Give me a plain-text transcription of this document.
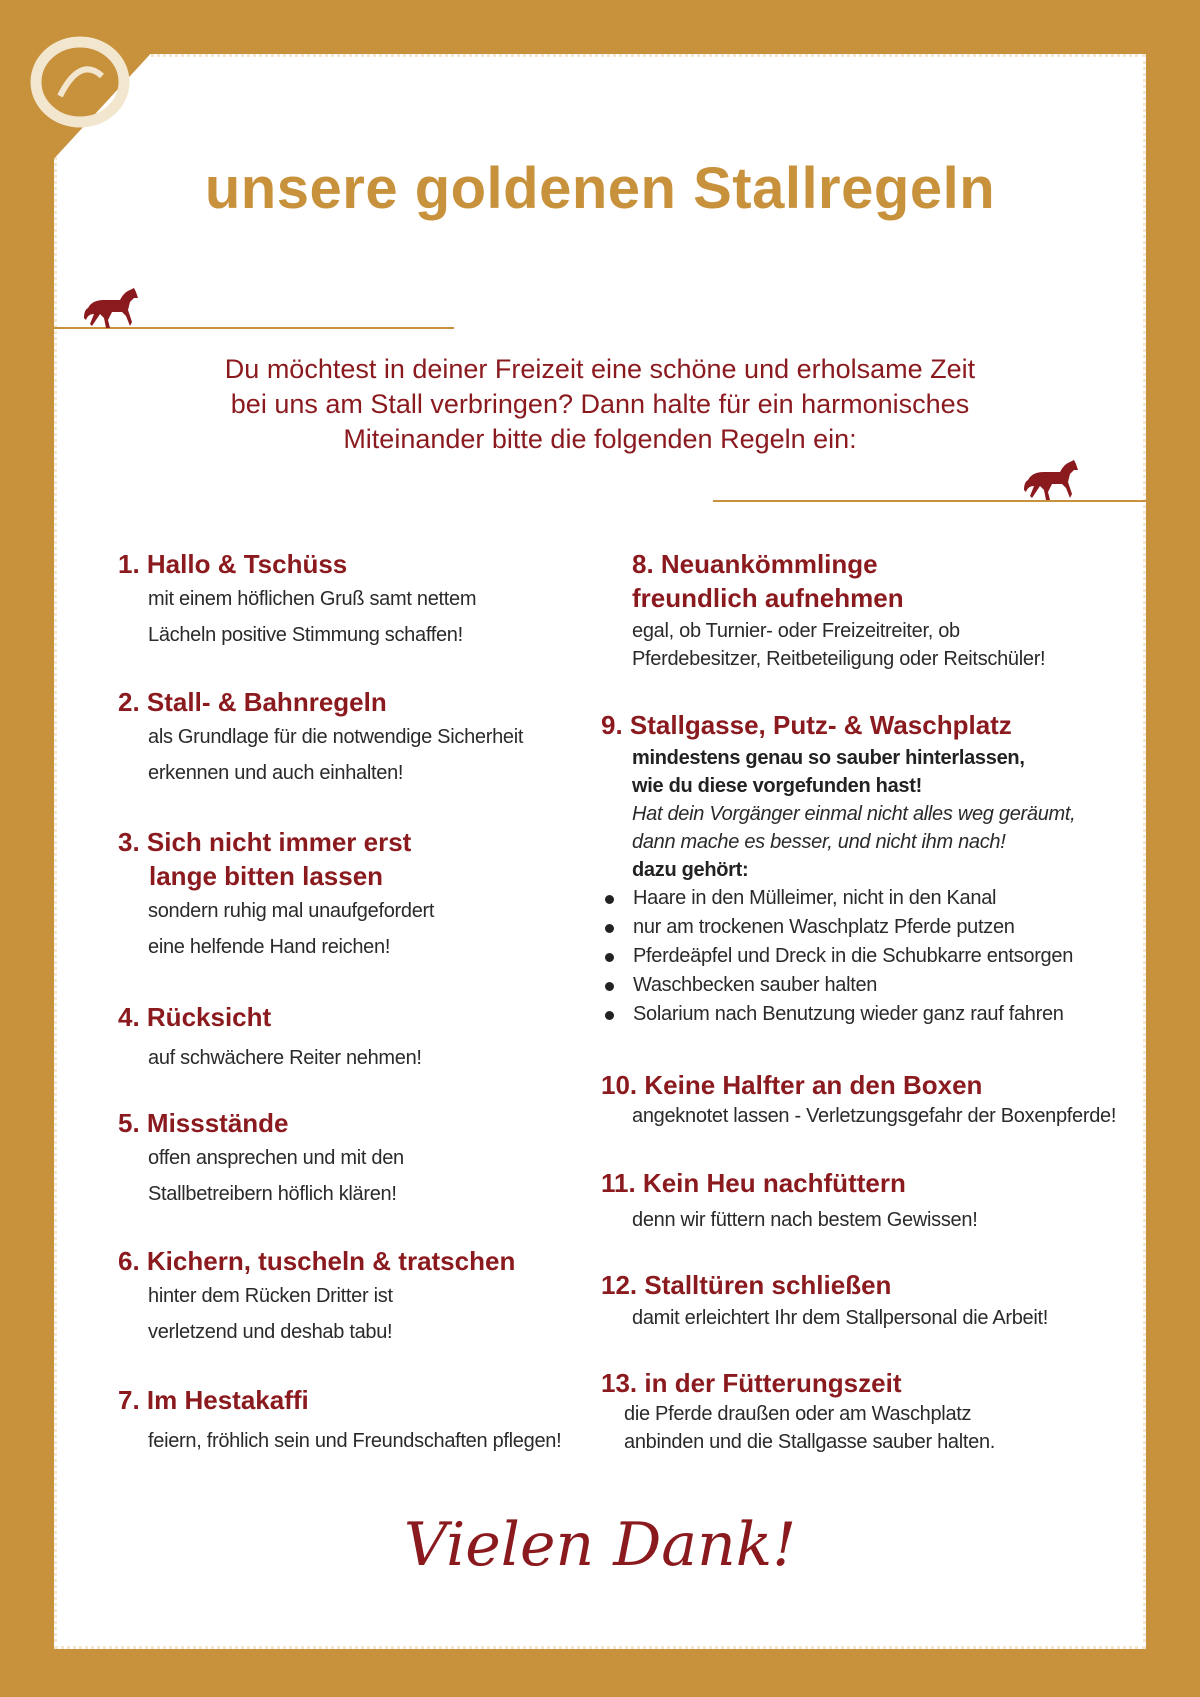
unsere goldenen Stallregeln
Du möchtest in deiner Freizeit eine schöne und erholsame Zeit
bei uns am Stall verbringen? Dann halte für ein harmonisches
Miteinander bitte die folgenden Regeln ein:
1. Hallo & Tschüss
mit einem höflichen Gruß samt nettem
Lächeln positive Stimmung schaffen!
2. Stall- & Bahnregeln
als Grundlage für die notwendige Sicherheit
erkennen und auch einhalten!
3. Sich nicht immer erst
lange bitten lassen
sondern ruhig mal unaufgefordert
eine helfende Hand reichen!
4. Rücksicht
auf schwächere Reiter nehmen!
5. Missstände
offen ansprechen und mit den
Stallbetreibern höflich klären!
6. Kichern, tuscheln & tratschen
hinter dem Rücken Dritter ist
verletzend und deshab tabu!
7. Im Hestakaffi
feiern, fröhlich sein und Freundschaften pflegen!
8. Neuankömmlinge
freundlich aufnehmen
egal, ob Turnier- oder Freizeitreiter, ob
Pferdebesitzer, Reitbeteiligung oder Reitschüler!
9. Stallgasse, Putz- & Waschplatz
mindestens genau so sauber hinterlassen,
wie du diese vorgefunden hast!
Hat dein Vorgänger einmal nicht alles weg geräumt,
dann mache es besser, und nicht ihm nach!
dazu gehört:
Haare in den Mülleimer, nicht in den Kanal
nur am trockenen Waschplatz Pferde putzen
Pferdeäpfel und Dreck in die Schubkarre entsorgen
Waschbecken sauber halten
Solarium nach Benutzung wieder ganz rauf fahren
10. Keine Halfter an den Boxen
angeknotet lassen - Verletzungsgefahr der Boxenpferde!
11. Kein Heu nachfüttern
denn wir füttern nach bestem Gewissen!
12. Stalltüren schließen
damit erleichtert Ihr dem Stallpersonal die Arbeit!
13. in der Fütterungszeit
die Pferde draußen oder am Waschplatz
anbinden und die Stallgasse sauber halten.
Vielen Dank!
